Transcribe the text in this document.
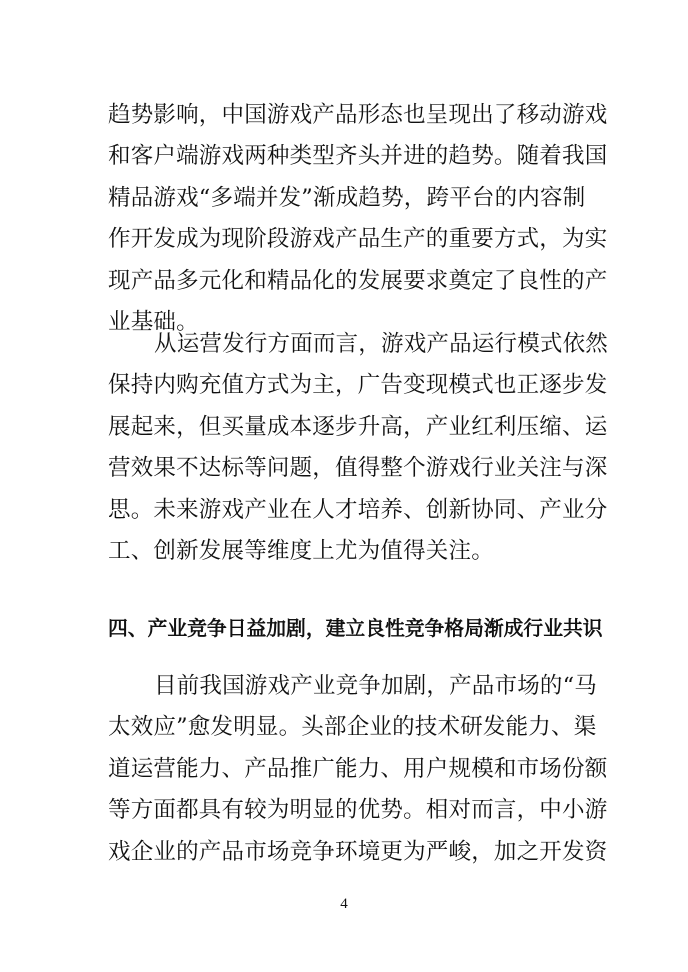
趋势影响，中国游戏产品形态也呈现出了移动游戏
和客户端游戏两种类型齐头并进的趋势。随着我国
精品游戏“多端并发”渐成趋势，跨平台的内容制
作开发成为现阶段游戏产品生产的重要方式，为实
现产品多元化和精品化的发展要求奠定了良性的产
业基础。
从运营发行方面而言，游戏产品运行模式依然
保持内购充值方式为主，广告变现模式也正逐步发
展起来，但买量成本逐步升高，产业红利压缩、运
营效果不达标等问题，值得整个游戏行业关注与深
思。未来游戏产业在人才培养、创新协同、产业分
工、创新发展等维度上尤为值得关注。
四、产业竞争日益加剧，建立良性竞争格局渐成行业共识
目前我国游戏产业竞争加剧，产品市场的“马
太效应”愈发明显。头部企业的技术研发能力、渠
道运营能力、产品推广能力、用户规模和市场份额
等方面都具有较为明显的优势。相对而言，中小游
戏企业的产品市场竞争环境更为严峻，加之开发资
4
